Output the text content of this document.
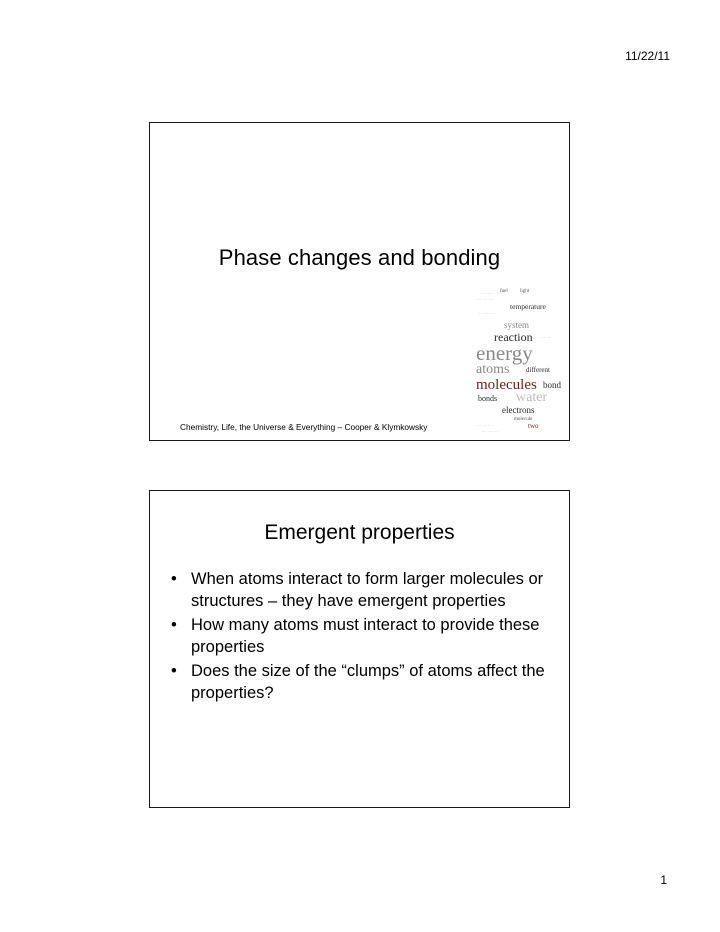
11/22/11
Phase changes and bonding
······ ··· ·· ···· fuel light
····· ···· ·····
temperature
···· ····· ····
system
reaction ····· ···
energy
atoms different
molecules bond
water
bonds
electrons
molecule
two
····· ··· ·····
···· ····· ···
Chemistry, Life, the Universe & Everything – Cooper & Klymkowsky
Emergent properties
• When atoms interact to form larger molecules or structures – they have emergent properties
• How many atoms must interact to provide these properties
• Does the size of the “clumps” of atoms affect the properties?
1
